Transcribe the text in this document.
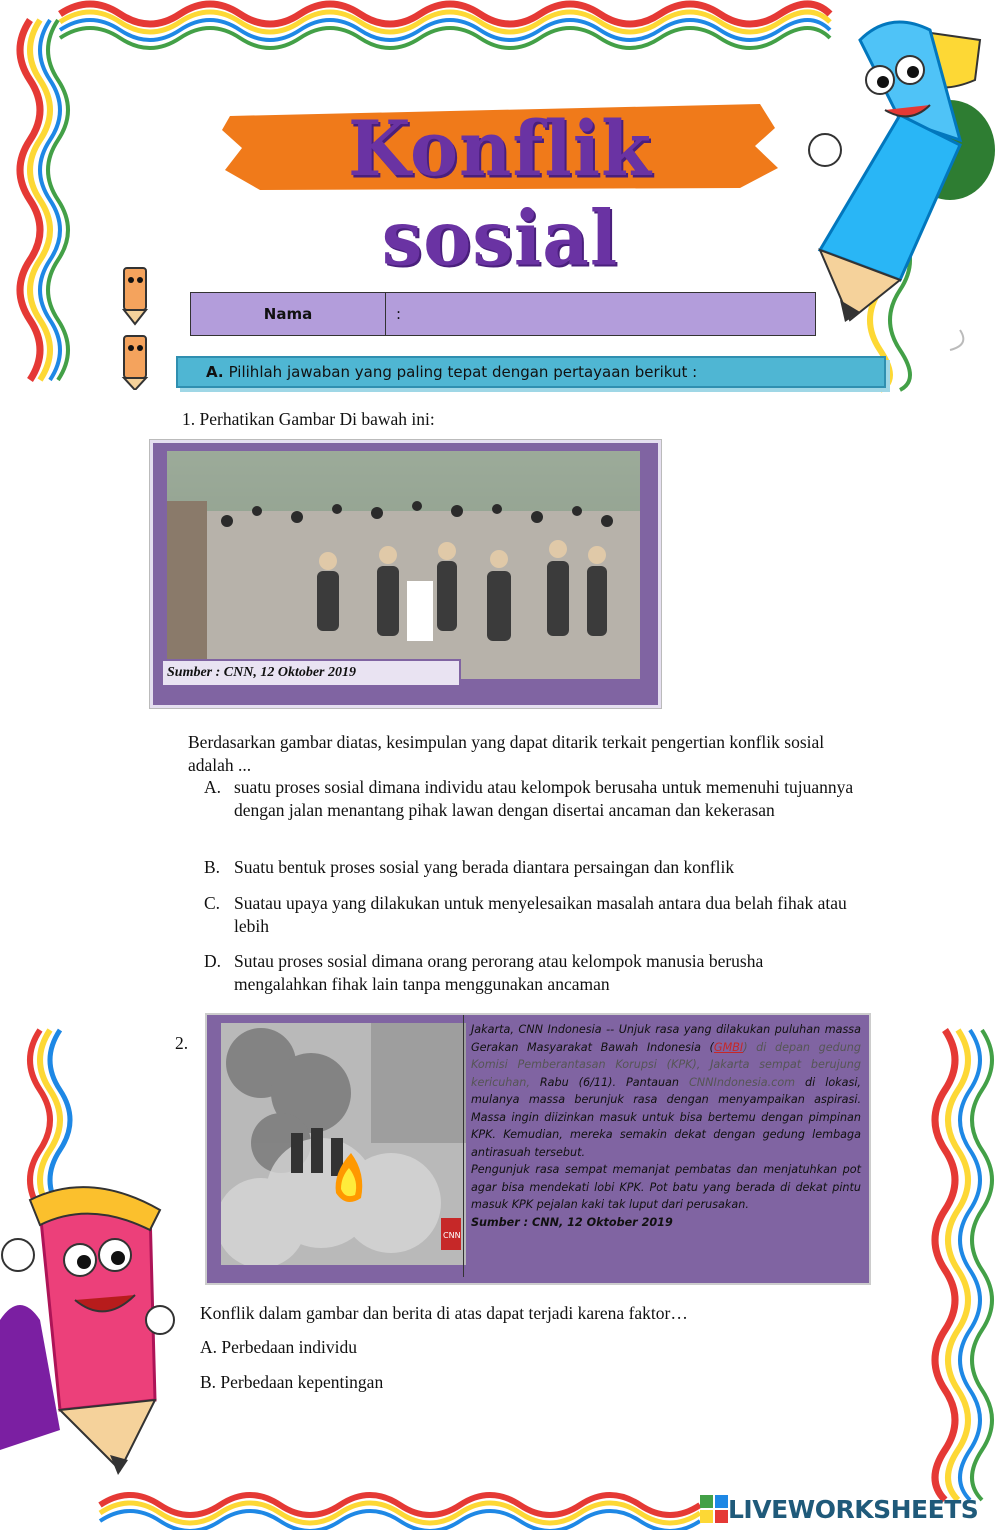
Konflik sosial
Nama	:
A. Pilihlah jawaban yang paling tepat dengan pertayaan berikut :
1. Perhatikan Gambar Di bawah ini:
Sumber : CNN, 12 Oktober 2019
Berdasarkan gambar diatas, kesimpulan yang dapat ditarik terkait pengertian konflik sosial adalah ...
A. suatu proses sosial dimana individu atau kelompok berusaha untuk memenuhi tujuannya dengan jalan menantang pihak lawan dengan disertai ancaman dan kekerasan
B. Suatu bentuk proses sosial yang berada diantara persaingan dan konflik
C. Suatau upaya yang dilakukan untuk menyelesaikan masalah antara dua belah fihak atau lebih
D. Sutau proses sosial dimana orang perorang atau kelompok manusia berusha mengalahkan fihak lain tanpa menggunakan ancaman
2.
CNN
Jakarta, CNN Indonesia -- Unjuk rasa yang dilakukan puluhan massa Gerakan Masyarakat Bawah Indonesia (GMBI) di depan gedung Komisi Pemberantasan Korupsi (KPK), Jakarta sempat berujung kericuhan, Rabu (6/11). Pantauan CNNIndonesia.com di lokasi, mulanya massa berunjuk rasa dengan menyampaikan aspirasi. Massa ingin diizinkan masuk untuk bisa bertemu dengan pimpinan KPK. Kemudian, mereka semakin dekat dengan gedung lembaga antirasuah tersebut.
Pengunjuk rasa sempat memanjat pembatas dan menjatuhkan pot agar bisa mendekati lobi KPK. Pot batu yang berada di dekat pintu masuk KPK pejalan kaki tak luput dari perusakan.
Sumber : CNN, 12 Oktober 2019
Konflik dalam gambar dan berita di atas dapat terjadi karena faktor…
A. Perbedaan individu
B. Perbedaan kepentingan
LIVEWORKSHEETS
